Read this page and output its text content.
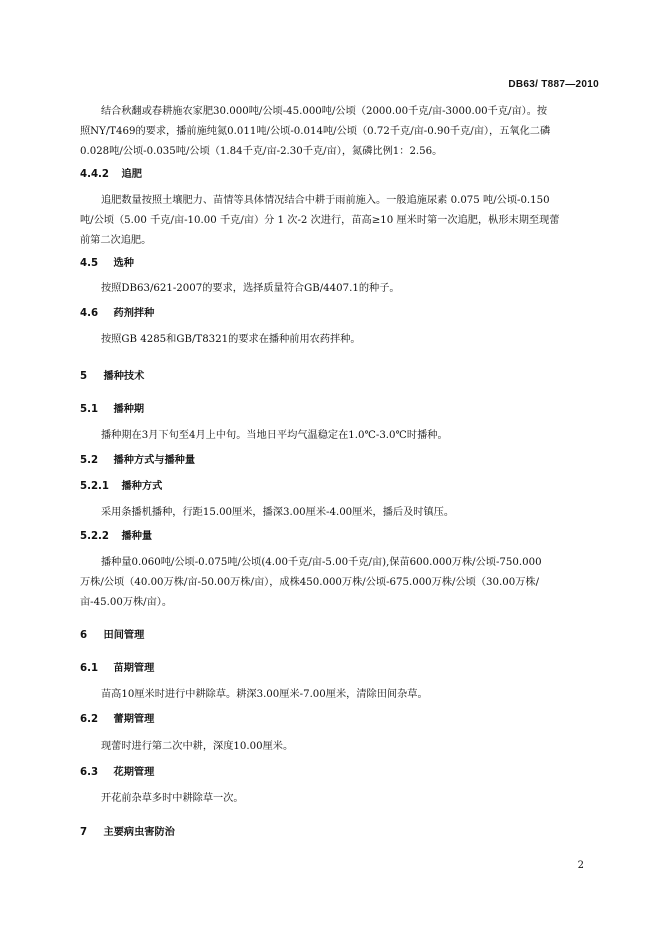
DB63/ T887—2010
结合秋翻或春耕施农家肥30.000吨/公顷-45.000吨/公顷（2000.00千克/亩-3000.00千克/亩）。按
照NY/T469的要求，播前施纯氮0.011吨/公顷-0.014吨/公顷（0.72千克/亩-0.90千克/亩），五氧化二磷
0.028吨/公顷-0.035吨/公顷（1.84千克/亩-2.30千克/亩），氮磷比例1：2.56。
4.4.2 追肥
追肥数量按照土壤肥力、苗情等具体情况结合中耕于雨前施入。一般追施尿素 0.075 吨/公顷-0.150
吨/公顷（5.00 千克/亩-10.00 千克/亩）分 1 次-2 次进行，苗高≥10 厘米时第一次追肥，枞形末期至现蕾
前第二次追肥。
4.5 选种
按照DB63/621-2007的要求，选择质量符合GB/4407.1的种子。
4.6 药剂拌种
按照GB 4285和GB/T8321的要求在播种前用农药拌种。
5 播种技术
5.1 播种期
播种期在3月下旬至4月上中旬。当地日平均气温稳定在1.0℃-3.0℃时播种。
5.2 播种方式与播种量
5.2.1 播种方式
采用条播机播种，行距15.00厘米，播深3.00厘米-4.00厘米，播后及时镇压。
5.2.2 播种量
播种量0.060吨/公顷-0.075吨/公顷(4.00千克/亩-5.00千克/亩),保苗600.000万株/公顷-750.000
万株/公顷（40.00万株/亩-50.00万株/亩），成株450.000万株/公顷-675.000万株/公顷（30.00万株/
亩-45.00万株/亩）。
6 田间管理
6.1 苗期管理
苗高10厘米时进行中耕除草。耕深3.00厘米-7.00厘米，清除田间杂草。
6.2 蕾期管理
现蕾时进行第二次中耕，深度10.00厘米。
6.3 花期管理
开花前杂草多时中耕除草一次。
7 主要病虫害防治
2
